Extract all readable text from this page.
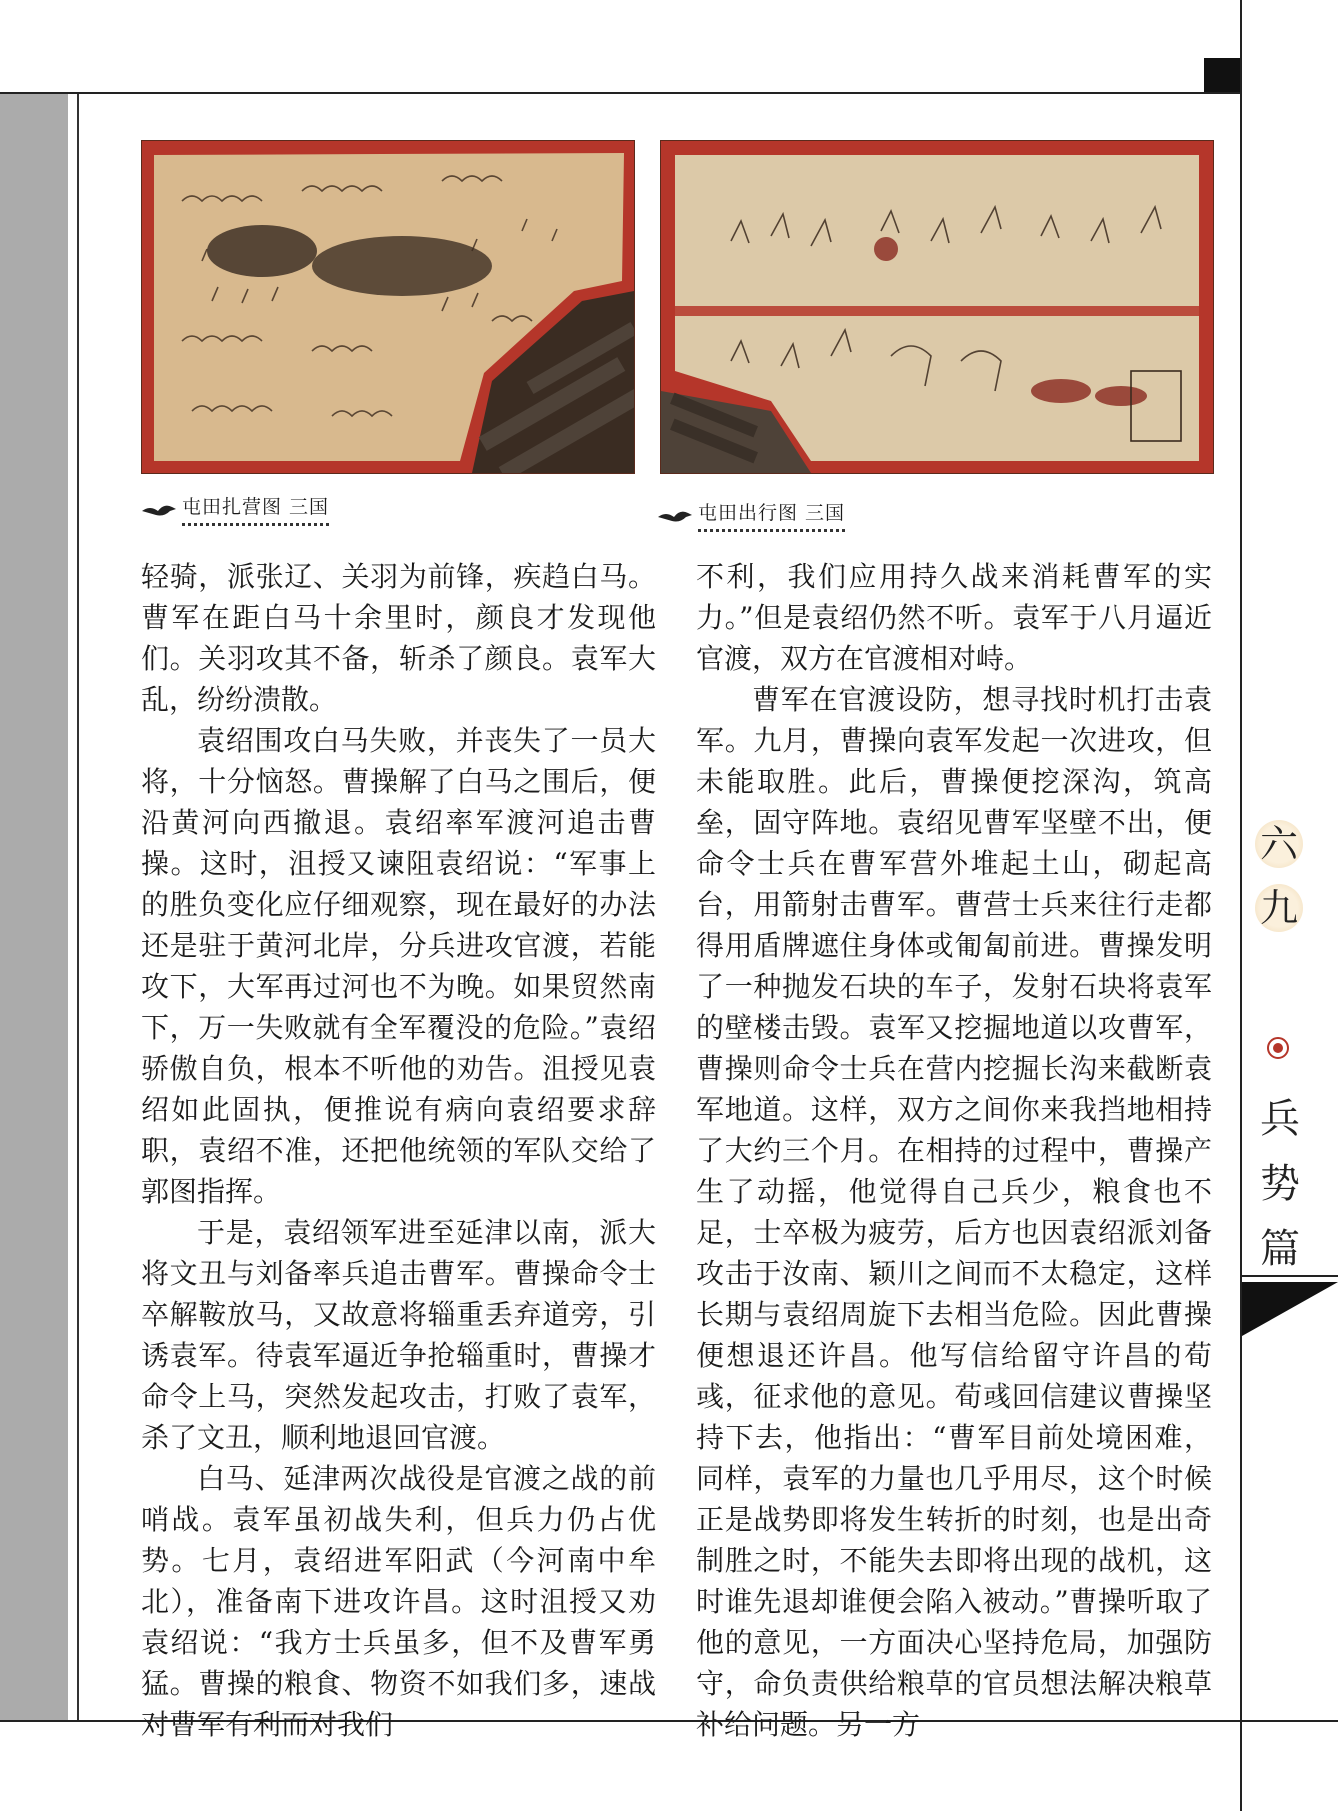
屯田扎营图 三国	屯田出行图 三国

轻骑，派张辽、关羽为前锋，疾趋白马。曹军在距白马十余里时，颜良才发现他们。关羽攻其不备，斩杀了颜良。袁军大乱，纷纷溃散。

袁绍围攻白马失败，并丧失了一员大将，十分恼怒。曹操解了白马之围后，便沿黄河向西撤退。袁绍率军渡河追击曹操。这时，沮授又谏阻袁绍说：“军事上的胜负变化应仔细观察，现在最好的办法还是驻于黄河北岸，分兵进攻官渡，若能攻下，大军再过河也不为晚。如果贸然南下，万一失败就有全军覆没的危险。”袁绍骄傲自负，根本不听他的劝告。沮授见袁绍如此固执，便推说有病向袁绍要求辞职，袁绍不准，还把他统领的军队交给了郭图指挥。

于是，袁绍领军进至延津以南，派大将文丑与刘备率兵追击曹军。曹操命令士卒解鞍放马，又故意将辎重丢弃道旁，引诱袁军。待袁军逼近争抢辎重时，曹操才命令上马，突然发起攻击，打败了袁军，杀了文丑，顺利地退回官渡。

白马、延津两次战役是官渡之战的前哨战。袁军虽初战失利，但兵力仍占优势。七月，袁绍进军阳武（今河南中牟北），准备南下进攻许昌。这时沮授又劝袁绍说：“我方士兵虽多，但不及曹军勇猛。曹操的粮食、物资不如我们多，速战对曹军有利而对我们

不利，我们应用持久战来消耗曹军的实力。”但是袁绍仍然不听。袁军于八月逼近官渡，双方在官渡相对峙。

曹军在官渡设防，想寻找时机打击袁军。九月，曹操向袁军发起一次进攻，但未能取胜。此后，曹操便挖深沟，筑高垒，固守阵地。袁绍见曹军坚壁不出，便命令士兵在曹军营外堆起土山，砌起高台，用箭射击曹军。曹营士兵来往行走都得用盾牌遮住身体或匍匐前进。曹操发明了一种抛发石块的车子，发射石块将袁军的壁楼击毁。袁军又挖掘地道以攻曹军，曹操则命令士兵在营内挖掘长沟来截断袁军地道。这样，双方之间你来我挡地相持了大约三个月。在相持的过程中，曹操产生了动摇，他觉得自己兵少，粮食也不足，士卒极为疲劳，后方也因袁绍派刘备攻击于汝南、颖川之间而不太稳定，这样长期与袁绍周旋下去相当危险。因此曹操便想退还许昌。他写信给留守许昌的荀彧，征求他的意见。荀彧回信建议曹操坚持下去，他指出：“曹军目前处境困难，同样，袁军的力量也几乎用尽，这个时候正是战势即将发生转折的时刻，也是出奇制胜之时，不能失去即将出现的战机，这时谁先退却谁便会陷入被动。”曹操听取了他的意见，一方面决心坚持危局，加强防守，命负责供给粮草的官员想法解决粮草补给问题。另一方

六
九
兵
势
篇
